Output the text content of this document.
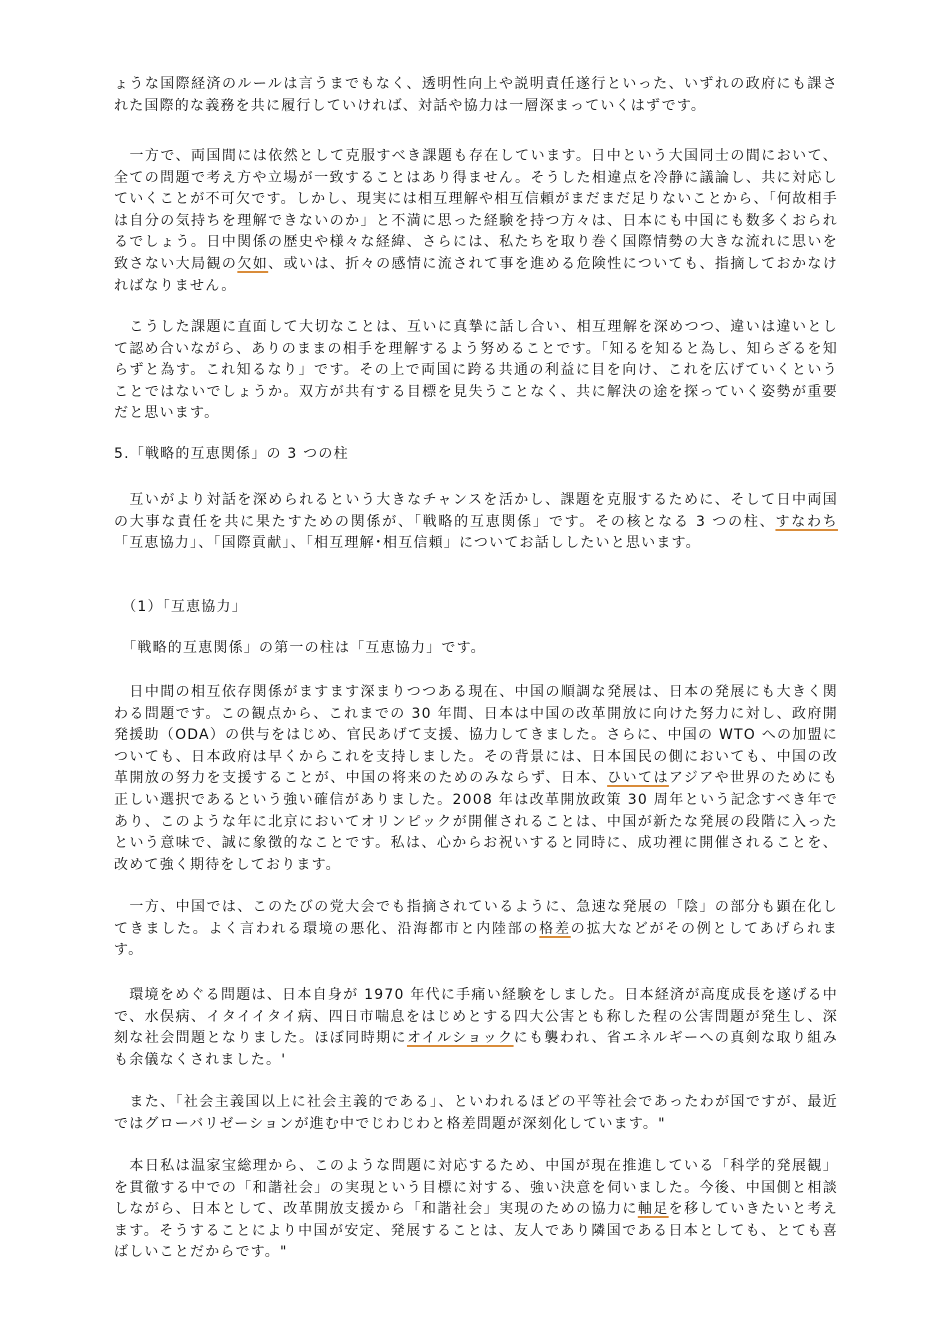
ょうな国際経済のルールは言うまでもなく、透明性向上や説明責任遂行といった、いずれの政府にも課された国際的な義務を共に履行していければ、対話や協力は一層深まっていくはずです。

　一方で、両国間には依然として克服すべき課題も存在しています。日中という大国同士の間において、全ての問題で考え方や立場が一致することはあり得ません。そうした相違点を冷静に議論し、共に対応していくことが不可欠です。しかし、現実には相互理解や相互信頼がまだまだ足りないことから、「何故相手は自分の気持ちを理解できないのか」と不満に思った経験を持つ方々は、日本にも中国にも数多くおられるでしょう。日中関係の歴史や様々な経緯、さらには、私たちを取り巻く国際情勢の大きな流れに思いを致さない大局観の欠如、或いは、折々の感情に流されて事を進める危険性についても、指摘しておかなければなりません。

　こうした課題に直面して大切なことは、互いに真摯に話し合い、相互理解を深めつつ、違いは違いとして認め合いながら、ありのままの相手を理解するよう努めることです。「知るを知ると為し、知らざるを知らずと為す。これ知るなり」です。その上で両国に跨る共通の利益に目を向け、これを広げていくということではないでしょうか。双方が共有する目標を見失うことなく、共に解決の途を探っていく姿勢が重要だと思います。

5.「戦略的互恵関係」の 3 つの柱

　互いがより対話を深められるという大きなチャンスを活かし、課題を克服するために、そして日中両国の大事な責任を共に果たすための関係が、「戦略的互恵関係」です。その核となる 3 つの柱、すなわち「互恵協力」、「国際貢献」、「相互理解･相互信頼」についてお話ししたいと思います。

　（1）「互恵協力」

　「戦略的互恵関係」の第一の柱は「互恵協力」です。

　日中間の相互依存関係がますます深まりつつある現在、中国の順調な発展は、日本の発展にも大きく関わる問題です。この観点から、これまでの 30 年間、日本は中国の改革開放に向けた努力に対し、政府開発援助（ODA）の供与をはじめ、官民あげて支援、協力してきました。さらに、中国の WTO への加盟についても、日本政府は早くからこれを支持しました。その背景には、日本国民の側においても、中国の改革開放の努力を支援することが、中国の将来のためのみならず、日本、ひいてはアジアや世界のためにも正しい選択であるという強い確信がありました。2008 年は改革開放政策 30 周年という記念すべき年であり、このような年に北京においてオリンピックが開催されることは、中国が新たな発展の段階に入ったという意味で、誠に象徴的なことです。私は、心からお祝いすると同時に、成功裡に開催されることを、改めて強く期待をしております。

　一方、中国では、このたびの党大会でも指摘されているように、急速な発展の「陰」の部分も顕在化してきました。よく言われる環境の悪化、沿海都市と内陸部の格差の拡大などがその例としてあげられます。

　環境をめぐる問題は、日本自身が 1970 年代に手痛い経験をしました。日本経済が高度成長を遂げる中で、水俣病、イタイイタイ病、四日市喘息をはじめとする四大公害とも称した程の公害問題が発生し、深刻な社会問題となりました。ほぼ同時期にオイルショックにも襲われ、省エネルギーへの真剣な取り組みも余儀なくされました。'

　また、「社会主義国以上に社会主義的である」、といわれるほどの平等社会であったわが国ですが、最近ではグローバリゼーションが進む中でじわじわと格差問題が深刻化しています。"

　本日私は温家宝総理から、このような問題に対応するため、中国が現在推進している「科学的発展観」を貫徹する中での「和諧社会」の実現という目標に対する、強い決意を伺いました。今後、中国側と相談しながら、日本として、改革開放支援から「和諧社会」実現のための協力に軸足を移していきたいと考えます。そうすることにより中国が安定、発展することは、友人であり隣国である日本としても、とても喜ばしいことだからです。"
